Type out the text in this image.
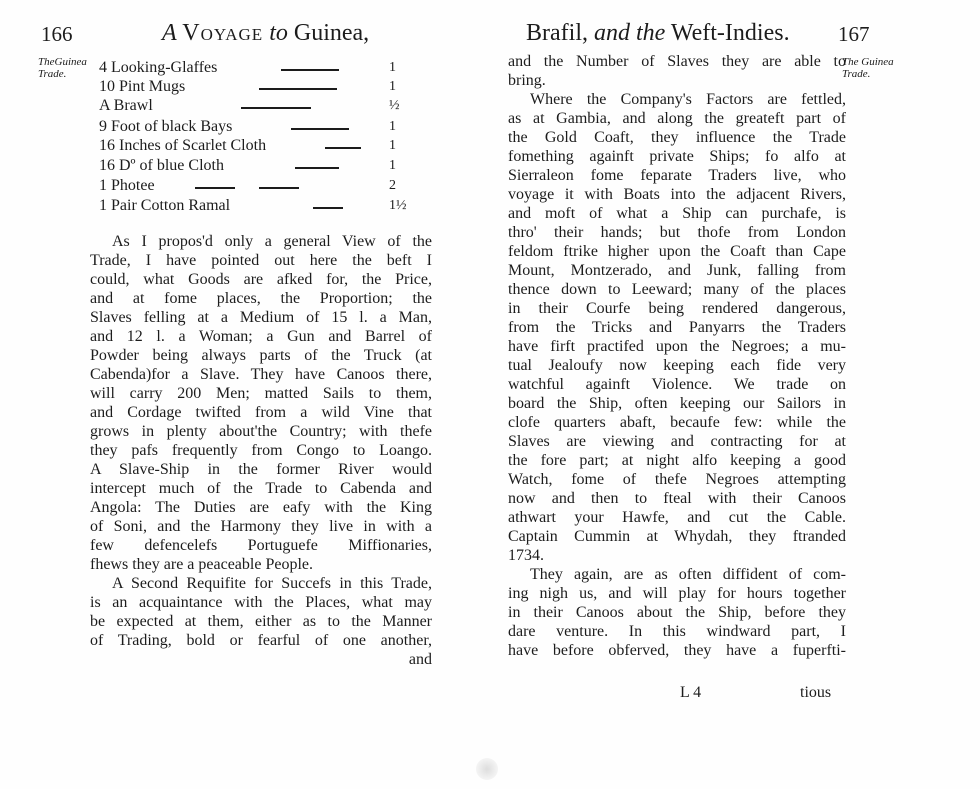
166	A Voyage to Guinea,
TheGuinea Trade.	4 Looking-Glaffes	1
10 Pint Mugs	1
A Brawl	½
9 Foot of black Bays	1
16 Inches of Scarlet Cloth	1
16 Dº of blue Cloth	1
1 Photee	2
1 Pair Cotton Ramal	1½
As I propos'd only a general View of the
Trade, I have pointed out here the beft I
could, what Goods are afked for, the Price,
and at fome places, the Proportion; the
Slaves felling at a Medium of 15 l. a Man,
and 12 l. a Woman; a Gun and Barrel of
Powder being always parts of the Truck (at
Cabenda)for a Slave. They have Canoos there,
will carry 200 Men; matted Sails to them,
and Cordage twifted from a wild Vine that
grows in plenty about'the Country; with thefe
they pafs frequently from Congo to Loango.
A Slave-Ship in the former River would
intercept much of the Trade to Cabenda and
Angola: The Duties are eafy with the King
of Soni, and the Harmony they live in with a
few defencelefs Portuguefe Miffionaries,
fhews they are a peaceable People.
A Second Requifite for Succefs in this Trade,
is an acquaintance with the Places, what may
be expected at them, either as to the Manner
of Trading, bold or fearful of one another,
and
167
Brafil, and the Weft-Indies.
The Guinea Trade.
and the Number of Slaves they are able to
bring.
Where the Company's Factors are fettled,
as at Gambia, and along the greateft part of
the Gold Coaft, they influence the Trade
fomething againft private Ships; fo alfo at
Sierraleon fome feparate Traders live, who
voyage it with Boats into the adjacent Rivers,
and moft of what a Ship can purchafe, is
thro' their hands; but thofe from London
feldom ftrike higher upon the Coaft than Cape
Mount, Montzerado, and Junk, falling from
thence down to Leeward; many of the places
in their Courfe being rendered dangerous,
from the Tricks and Panyarrs the Traders
have firft practifed upon the Negroes; a mu-
tual Jealoufy now keeping each fide very
watchful againft Violence. We trade on
board the Ship, often keeping our Sailors in
clofe quarters abaft, becaufe few: while the
Slaves are viewing and contracting for at
the fore part; at night alfo keeping a good
Watch, fome of thefe Negroes attempting
now and then to fteal with their Canoos
athwart your Hawfe, and cut the Cable.
Captain Cummin at Whydah, they ftranded
1734.
They again, are as often diffident of com-
ing nigh us, and will play for hours together
in their Canoos about the Ship, before they
dare venture. In this windward part, I
have before obferved, they have a fuperfti-
L 4	tious
